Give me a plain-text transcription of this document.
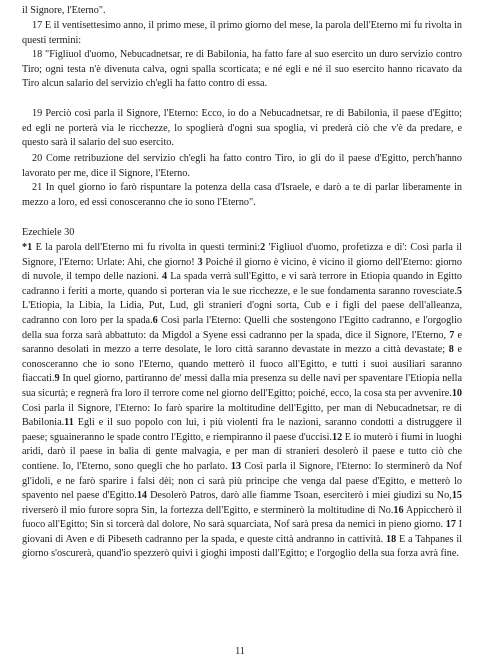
il Signore, l'Eterno".

17 E il ventisettesimo anno, il primo mese, il primo giorno del mese, la parola dell'Eterno mi fu rivolta in questi termini:

18 "Figliuol d'uomo, Nebucadnetsar, re di Babilonia, ha fatto fare al suo esercito un duro servizio contro Tiro; ogni testa n'è divenuta calva, ogni spalla scorticata; e né egli e né il suo esercito hanno ricavato da Tiro alcun salario del servizio ch'egli ha fatto contro di essa.

19 Perciò così parla il Signore, l'Eterno: Ecco, io do a Nebucadnetsar, re di Babilonia, il paese d'Egitto; ed egli ne porterà via le ricchezze, lo spoglierà d'ogni sua spoglia, vi prederà ciò che v'è da predare, e questo sarà il salario del suo esercito.

20 Come retribuzione del servizio ch'egli ha fatto contro Tiro, io gli do il paese d'Egitto, perch'hanno lavorato per me, dice il Signore, l'Eterno.

21 In quel giorno io farò rispuntare la potenza della casa d'Israele, e darò a te di parlar liberamente in mezzo a loro, ed essi conosceranno che io sono l'Eterno".

Ezechiele 30

*1 E la parola dell'Eterno mi fu rivolta in questi termini:2 'Figliuol d'uomo, profetizza e di': Così parla il Signore, l'Eterno: Urlate: Ahi, che giorno! 3 Poiché il giorno è vicino, è vicino il giorno dell'Eterno: giorno di nuvole, il tempo delle nazioni. 4 La spada verrà sull'Egitto, e vi sarà terrore in Etiopia quando in Egitto cadranno i feriti a morte, quando si porteran via le sue ricchezze, e le sue fondamenta saranno rovesciate.5 L'Etiopia, la Libia, la Lidia, Put, Lud, gli stranieri d'ogni sorta, Cub e i figli del paese dell'alleanza, cadranno con loro per la spada.6 Così parla l'Eterno: Quelli che sostengono l'Egitto cadranno, e l'orgoglio della sua forza sarà abbattuto: da Migdol a Syene essi cadranno per la spada, dice il Signore, l'Eterno, 7 e saranno desolati in mezzo a terre desolate, le loro città saranno devastate in mezzo a città devastate; 8 e conosceranno che io sono l'Eterno, quando metterò il fuoco all'Egitto, e tutti i suoi ausiliari saranno fiaccati.9 In quel giorno, partiranno de' messi dalla mia presenza su delle navi per spaventare l'Etiopia nella sua sicurtà; e regnerà fra loro il terrore come nel giorno dell'Egitto; poiché, ecco, la cosa sta per avvenire.10 Così parla il Signore, l'Eterno: Io farò sparire la moltitudine dell'Egitto, per man di Nebucadnetsar, re di Babilonia.11 Egli e il suo popolo con lui, i più violenti fra le nazioni, saranno condotti a distruggere il paese; sguaineranno le spade contro l'Egitto, e riempiranno il paese d'uccisi.12 E io muterò i fiumi in luoghi aridi, darò il paese in balìa di gente malvagia, e per man di stranieri desolerò il paese e tutto ciò che contiene. Io, l'Eterno, sono quegli che ho parlato. 13 Così parla il Signore, l'Eterno: Io sterminerò da Nof gl'idoli, e ne farò sparire i falsi dèi; non ci sarà più principe che venga dal paese d'Egitto, e metterò lo spavento nel paese d'Egitto.14 Desolerò Patros, darò alle fiamme Tsoan, eserciterò i miei giudizi su No,15 riverserò il mio furore sopra Sin, la fortezza dell'Egitto, e sterminerò la moltitudine di No.16 Appiccherò il fuoco all'Egitto; Sin si torcerà dal dolore, No sarà squarciata, Nof sarà presa da nemici in pieno giorno. 17 I giovani di Aven e di Pibeseth cadranno per la spada, e queste città andranno in cattività. 18 E a Tahpanes il giorno s'oscurerà, quand'io spezzerò quivi i gioghi imposti dall'Egitto; e l'orgoglio della sua forza avrà fine.

11
